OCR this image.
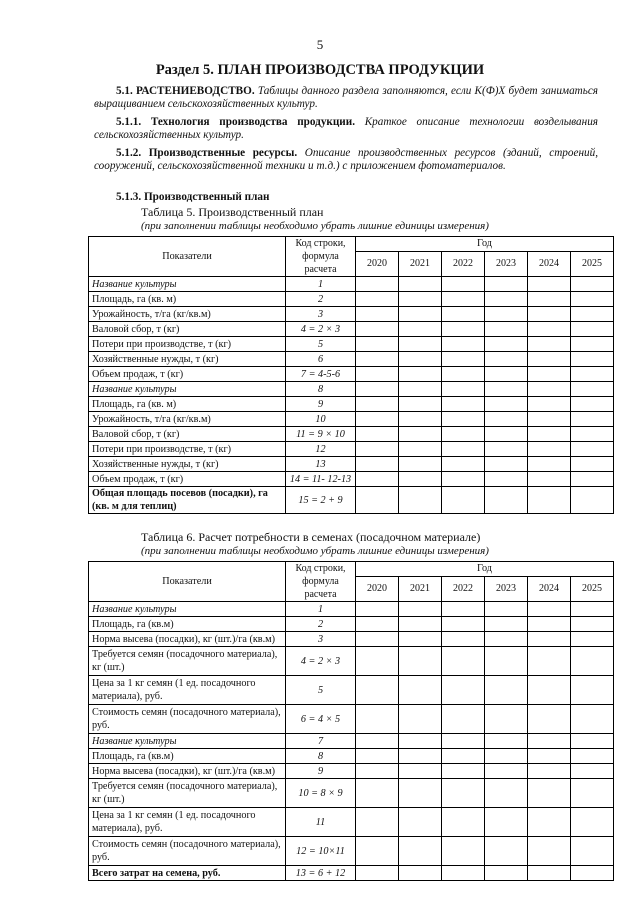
5
Раздел 5. ПЛАН ПРОИЗВОДСТВА ПРОДУКЦИИ
5.1. РАСТЕНИЕВОДСТВО. Таблицы данного раздела заполняются, если К(Ф)Х будет заниматься выращиванием сельскохозяйственных культур.
5.1.1. Технология производства продукции. Краткое описание технологии возделывания сельскохозяйственных культур.
5.1.2. Производственные ресурсы. Описание производственных ресурсов (зданий, строений, сооружений, сельскохозяйственной техники и т.д.) с приложением фотоматериалов.
5.1.3. Производственный план
Таблица 5. Производственный план
(при заполнении таблицы необходимо убрать лишние единицы измерения)
Показатели	Код строки, формула расчета	Год					
		2020	2021	2022	2023	2024	2025
Название культуры	1						
Площадь, га (кв. м)	2						
Урожайность, т/га (кг/кв.м)	3						
Валовой сбор, т (кг)	4 = 2 × 3						
Потери при производстве, т (кг)	5						
Хозяйственные нужды, т (кг)	6						
Объем продаж, т (кг)	7 = 4-5-6						
Название культуры	8						
Площадь, га (кв. м)	9						
Урожайность, т/га (кг/кв.м)	10						
Валовой сбор, т (кг)	11 = 9 × 10						
Потери при производстве, т (кг)	12						
Хозяйственные нужды, т (кг)	13						
Объем продаж, т (кг)	14 = 11- 12-13						
Общая площадь посевов (посадки), га (кв. м для теплиц)	15 = 2 + 9						
Таблица 6. Расчет потребности в семенах (посадочном материале)
(при заполнении таблицы необходимо убрать лишние единицы измерения)
Показатели	Код строки, формула расчета	Год					
		2020	2021	2022	2023	2024	2025
Название культуры	1						
Площадь, га (кв.м)	2						
Норма высева (посадки), кг (шт.)/га (кв.м)	3						
Требуется семян (посадочного материала), кг (шт.)	4 = 2 × 3						
Цена за 1 кг семян (1 ед. посадочного материала), руб.	5						
Стоимость семян (посадочного материала), руб.	6 = 4 × 5						
Название культуры	7						
Площадь, га (кв.м)	8						
Норма высева (посадки), кг (шт.)/га (кв.м)	9						
Требуется семян (посадочного материала), кг (шт.)	10 = 8 × 9						
Цена за 1 кг семян (1 ед. посадочного материала), руб.	11						
Стоимость семян (посадочного материала), руб.	12 = 10×11						
Всего затрат на семена, руб.	13 = 6 + 12						
